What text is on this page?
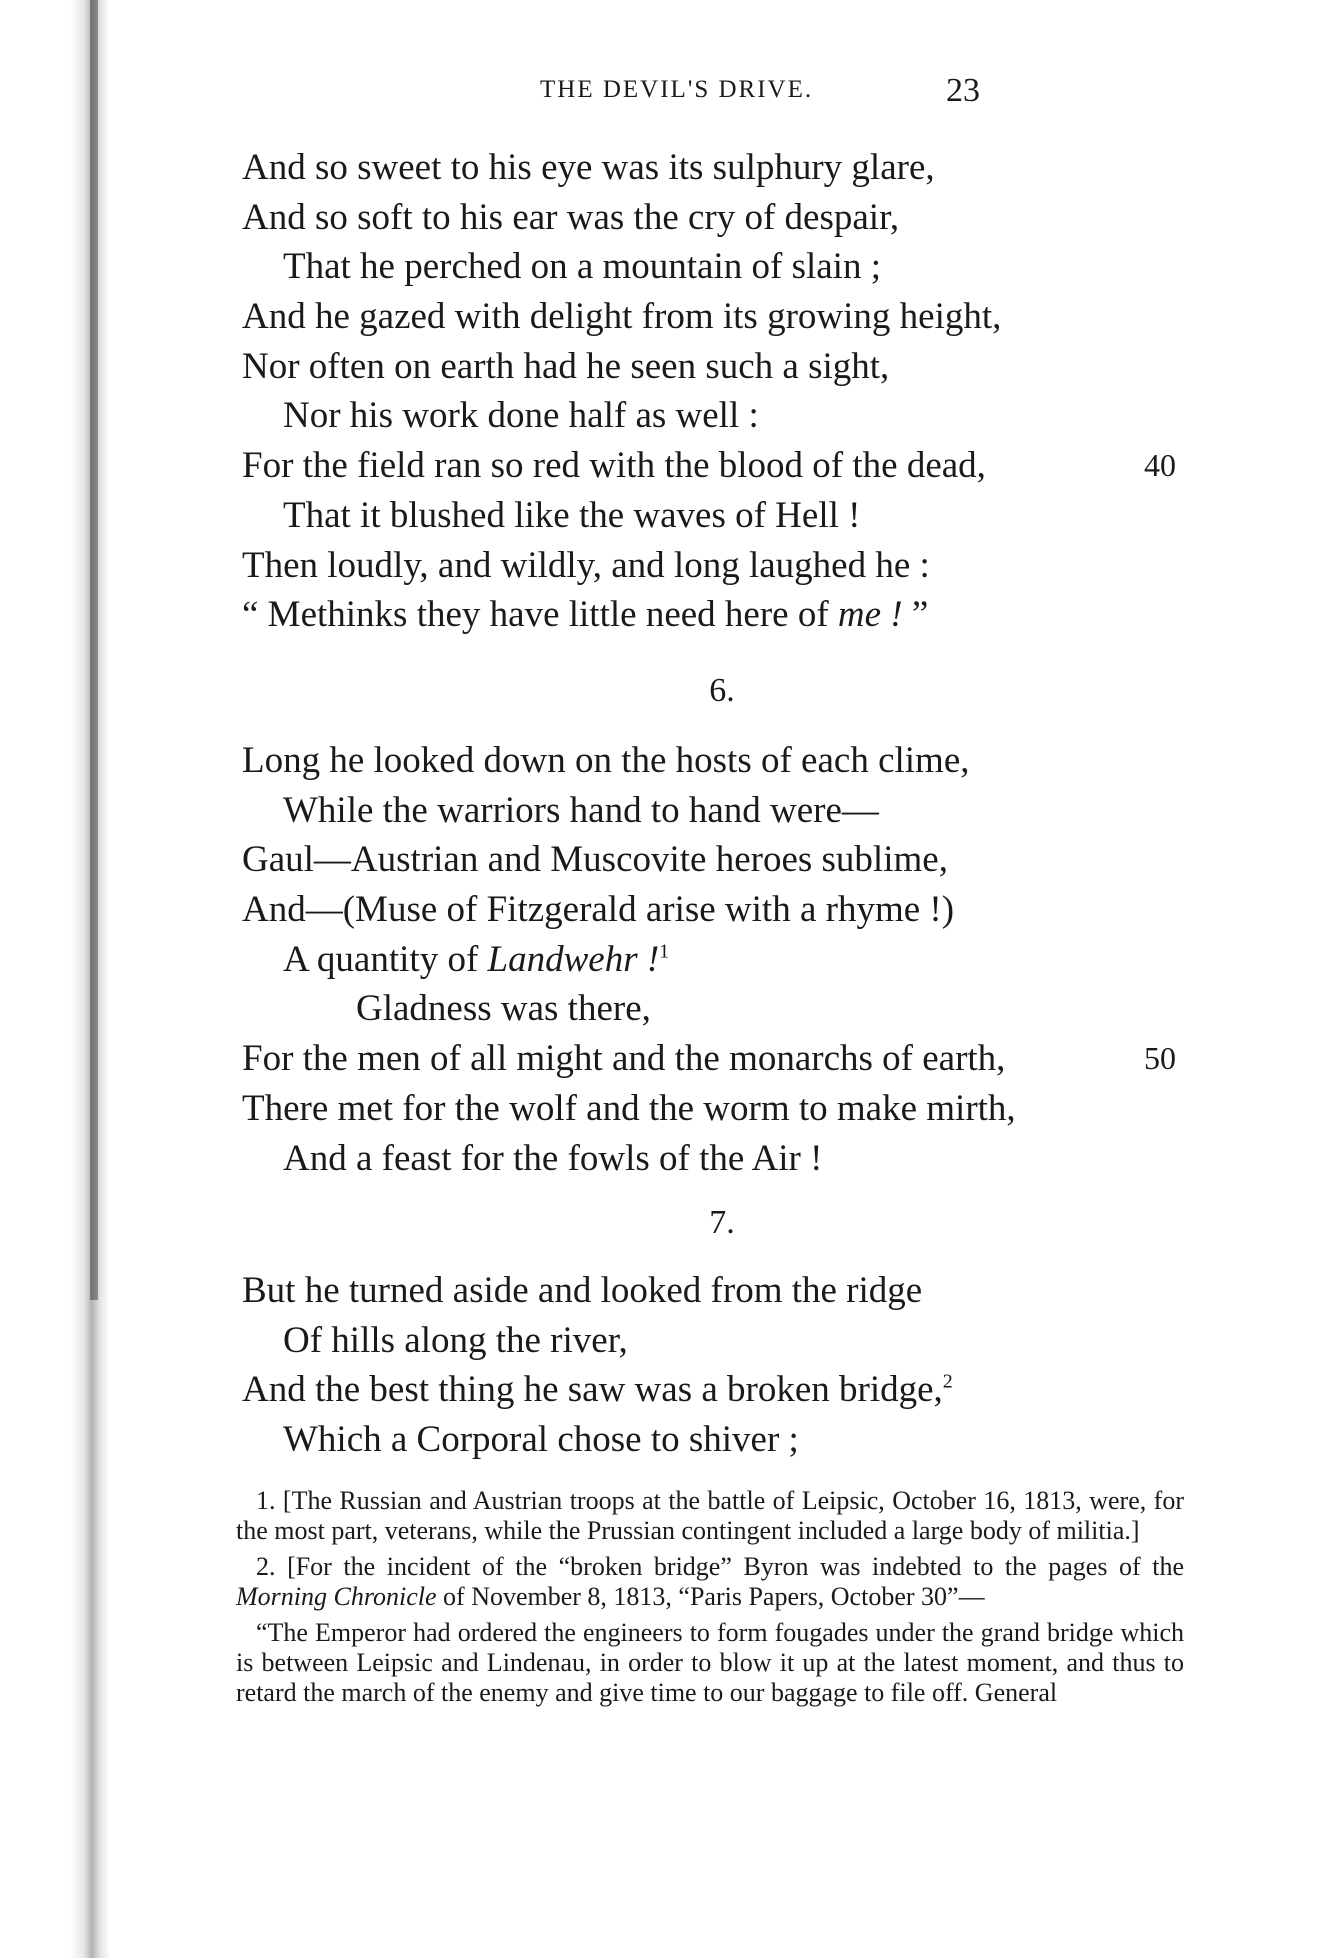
THE DEVIL'S DRIVE.	23
And so sweet to his eye was its sulphury glare,
And so soft to his ear was the cry of despair,
That he perched on a mountain of slain ;
And he gazed with delight from its growing height,
Nor often on earth had he seen such a sight,
Nor his work done half as well :
For the field ran so red with the blood of the dead,	40
That it blushed like the waves of Hell !
Then loudly, and wildly, and long laughed he :
“ Methinks they have little need here of me ! ”
6.
Long he looked down on the hosts of each clime,
While the warriors hand to hand were—
Gaul—Austrian and Muscovite heroes sublime,
And—(Muse of Fitzgerald arise with a rhyme !)
A quantity of Landwehr !$^1$
Gladness was there,
For the men of all might and the monarchs of earth,	50
There met for the wolf and the worm to make mirth,
And a feast for the fowls of the Air !
7.
But he turned aside and looked from the ridge
Of hills along the river,
And the best thing he saw was a broken bridge,$^2$
Which a Corporal chose to shiver ;

1. [The Russian and Austrian troops at the battle of Leipsic, October 16, 1813, were, for the most part, veterans, while the Prussian contingent included a large body of militia.]

2. [For the incident of the “broken bridge” Byron was indebted to the pages of the Morning Chronicle of November 8, 1813, “Paris Papers, October 30”—

“The Emperor had ordered the engineers to form fougades under the grand bridge which is between Leipsic and Lindenau, in order to blow it up at the latest moment, and thus to retard the march of the enemy and give time to our baggage to file off. General
